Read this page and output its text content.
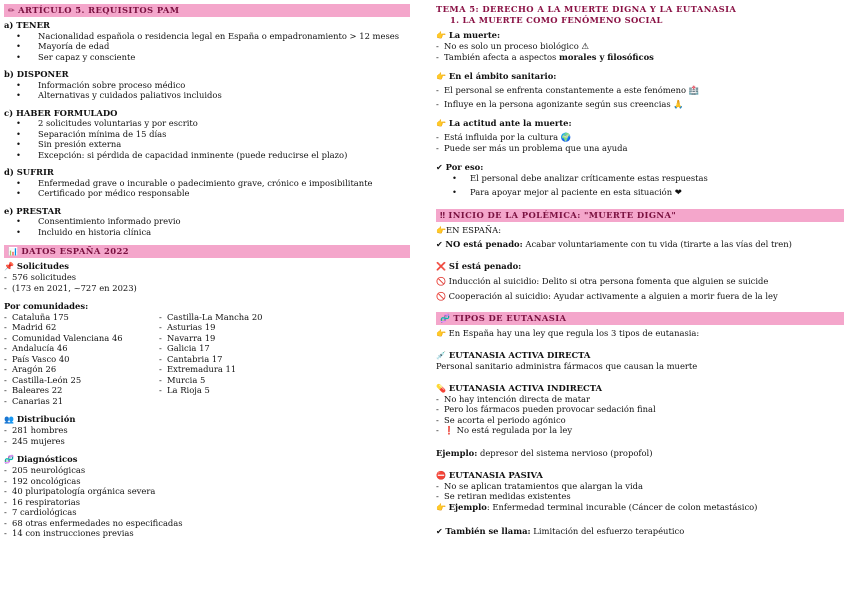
✏ ARTÍCULO 5. REQUISITOS PAM
a) TENER
• Nacionalidad española o residencia legal en España o empadronamiento > 12 meses
• Mayoría de edad
• Ser capaz y consciente
b) DISPONER
• Información sobre proceso médico
• Alternativas y cuidados paliativos incluidos
c) HABER FORMULADO
• 2 solicitudes voluntarias y por escrito
• Separación mínima de 15 días
• Sin presión externa
• Excepción: si pérdida de capacidad inminente (puede reducirse el plazo)
d) SUFRIR
• Enfermedad grave o incurable o padecimiento grave, crónico e imposibilitante
• Certificado por médico responsable
e) PRESTAR
• Consentimiento informado previo
• Incluido en historia clínica
📊 DATOS ESPAÑA 2022
📌 Solicitudes
- 576 solicitudes
- (173 en 2021, ~727 en 2023)
Por comunidades:
- Cataluña 175
- Madrid 62
- Comunidad Valenciana 46
- Andalucía 46
- País Vasco 40
- Aragón 26
- Castilla-León 25
- Baleares 22
- Canarias 21
- Castilla-La Mancha 20
- Asturias 19
- Navarra 19
- Galicia 17
- Cantabria 17
- Extremadura 11
- Murcia 5
- La Rioja 5
👥 Distribución
- 281 hombres
- 245 mujeres
🧬 Diagnósticos
- 205 neurológicas
- 192 oncológicas
- 40 pluripatología orgánica severa
- 16 respiratorias
- 7 cardiológicas
- 68 otras enfermedades no especificadas
- 14 con instrucciones previas
TEMA 5: DERECHO A LA MUERTE DIGNA Y LA EUTANASIA
1. LA MUERTE COMO FENÓMENO SOCIAL
👉 La muerte:
- No es solo un proceso biológico ⚠
- También afecta a aspectos morales y filosóficos
👉 En el ámbito sanitario:
- El personal se enfrenta constantemente a este fenómeno 🏥
- Influye en la persona agonizante según sus creencias 🙏
👉 La actitud ante la muerte:
- Está influida por la cultura 🌍
- Puede ser más un problema que una ayuda
✔ Por eso:
• El personal debe analizar críticamente estas respuestas
• Para apoyar mejor al paciente en esta situación ❤
‼ INICIO DE LA POLÉMICA: "MUERTE DIGNA"
👉EN ESPAÑA:
✔ NO está penado: Acabar voluntariamente con tu vida (tirarte a las vías del tren)
❌ SÍ está penado:
🚫 Inducción al suicidio: Delito si otra persona fomenta que alguien se suicide
🚫 Cooperación al suicidio: Ayudar activamente a alguien a morir fuera de la ley
🧬 TIPOS DE EUTANASIA
👉 En España hay una ley que regula los 3 tipos de eutanasia:
💉 EUTANASIA ACTIVA DIRECTA
Personal sanitario administra fármacos que causan la muerte
💊 EUTANASIA ACTIVA INDIRECTA
- No hay intención directa de matar
- Pero los fármacos pueden provocar sedación final
- Se acorta el periodo agónico
- ❗ No está regulada por la ley
Ejemplo: depresor del sistema nervioso (propofol)
⛔ EUTANASIA PASIVA
- No se aplican tratamientos que alargan la vida
- Se retiran medidas existentes
👉 Ejemplo: Enfermedad terminal incurable (Cáncer de colon metastásico)
✔ También se llama: Limitación del esfuerzo terapéutico
